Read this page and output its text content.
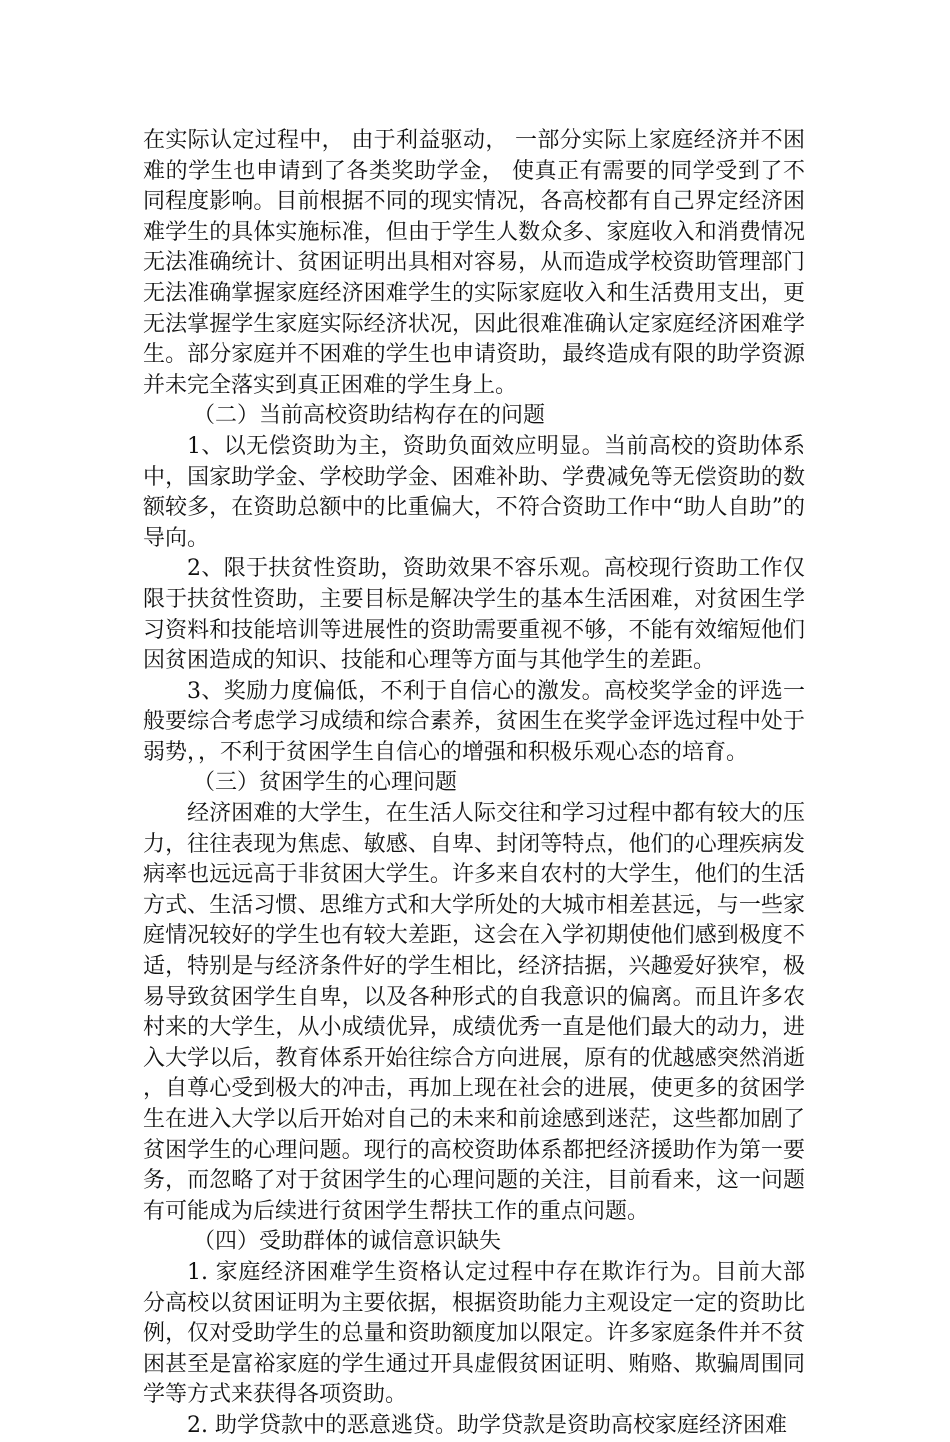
在实际认定过程中， 由于利益驱动， 一部分实际上家庭经济并不困难的学生也申请到了各类奖助学金， 使真正有需要的同学受到了不同程度影响。目前根据不同的现实情况，各高校都有自己界定经济困难学生的具体实施标准，但由于学生人数众多、家庭收入和消费情况无法准确统计、贫困证明出具相对容易，从而造成学校资助管理部门无法准确掌握家庭经济困难学生的实际家庭收入和生活费用支出，更无法掌握学生家庭实际经济状况，因此很难准确认定家庭经济困难学生。部分家庭并不困难的学生也申请资助，最终造成有限的助学资源并未完全落实到真正困难的学生身上。

（二）当前高校资助结构存在的问题

1、以无偿资助为主，资助负面效应明显。当前高校的资助体系中，国家助学金、学校助学金、困难补助、学费减免等无偿资助的数额较多，在资助总额中的比重偏大，不符合资助工作中“助人自助”的导向。

2、限于扶贫性资助，资助效果不容乐观。高校现行资助工作仅限于扶贫性资助，主要目标是解决学生的基本生活困难，对贫困生学习资料和技能培训等进展性的资助需要重视不够，不能有效缩短他们因贫困造成的知识、技能和心理等方面与其他学生的差距。

3、奖励力度偏低，不利于自信心的激发。高校奖学金的评选一般要综合考虑学习成绩和综合素养，贫困生在奖学金评选过程中处于弱势，，不利于贫困学生自信心的增强和积极乐观心态的培育。

（三）贫困学生的心理问题

经济困难的大学生，在生活人际交往和学习过程中都有较大的压力，往往表现为焦虑、敏感、自卑、封闭等特点，他们的心理疾病发病率也远远高于非贫困大学生。许多来自农村的大学生，他们的生活方式、生活习惯、思维方式和大学所处的大城市相差甚远，与一些家庭情况较好的学生也有较大差距，这会在入学初期使他们感到极度不适，特别是与经济条件好的学生相比，经济拮据，兴趣爱好狭窄，极易导致贫困学生自卑，以及各种形式的自我意识的偏离。而且许多农村来的大学生，从小成绩优异，成绩优秀一直是他们最大的动力，进入大学以后，教育体系开始往综合方向进展，原有的优越感突然消逝，自尊心受到极大的冲击，再加上现在社会的进展，使更多的贫困学生在进入大学以后开始对自己的未来和前途感到迷茫，这些都加剧了贫困学生的心理问题。现行的高校资助体系都把经济援助作为第一要务，而忽略了对于贫困学生的心理问题的关注，目前看来，这一问题有可能成为后续进行贫困学生帮扶工作的重点问题。

（四）受助群体的诚信意识缺失

1. 家庭经济困难学生资格认定过程中存在欺诈行为。目前大部分高校以贫困证明为主要依据，根据资助能力主观设定一定的资助比例，仅对受助学生的总量和资助额度加以限定。许多家庭条件并不贫困甚至是富裕家庭的学生通过开具虚假贫困证明、贿赂、欺骗周围同学等方式来获得各项资助。

2. 助学贷款中的恶意逃贷。助学贷款是资助高校家庭经济困难
